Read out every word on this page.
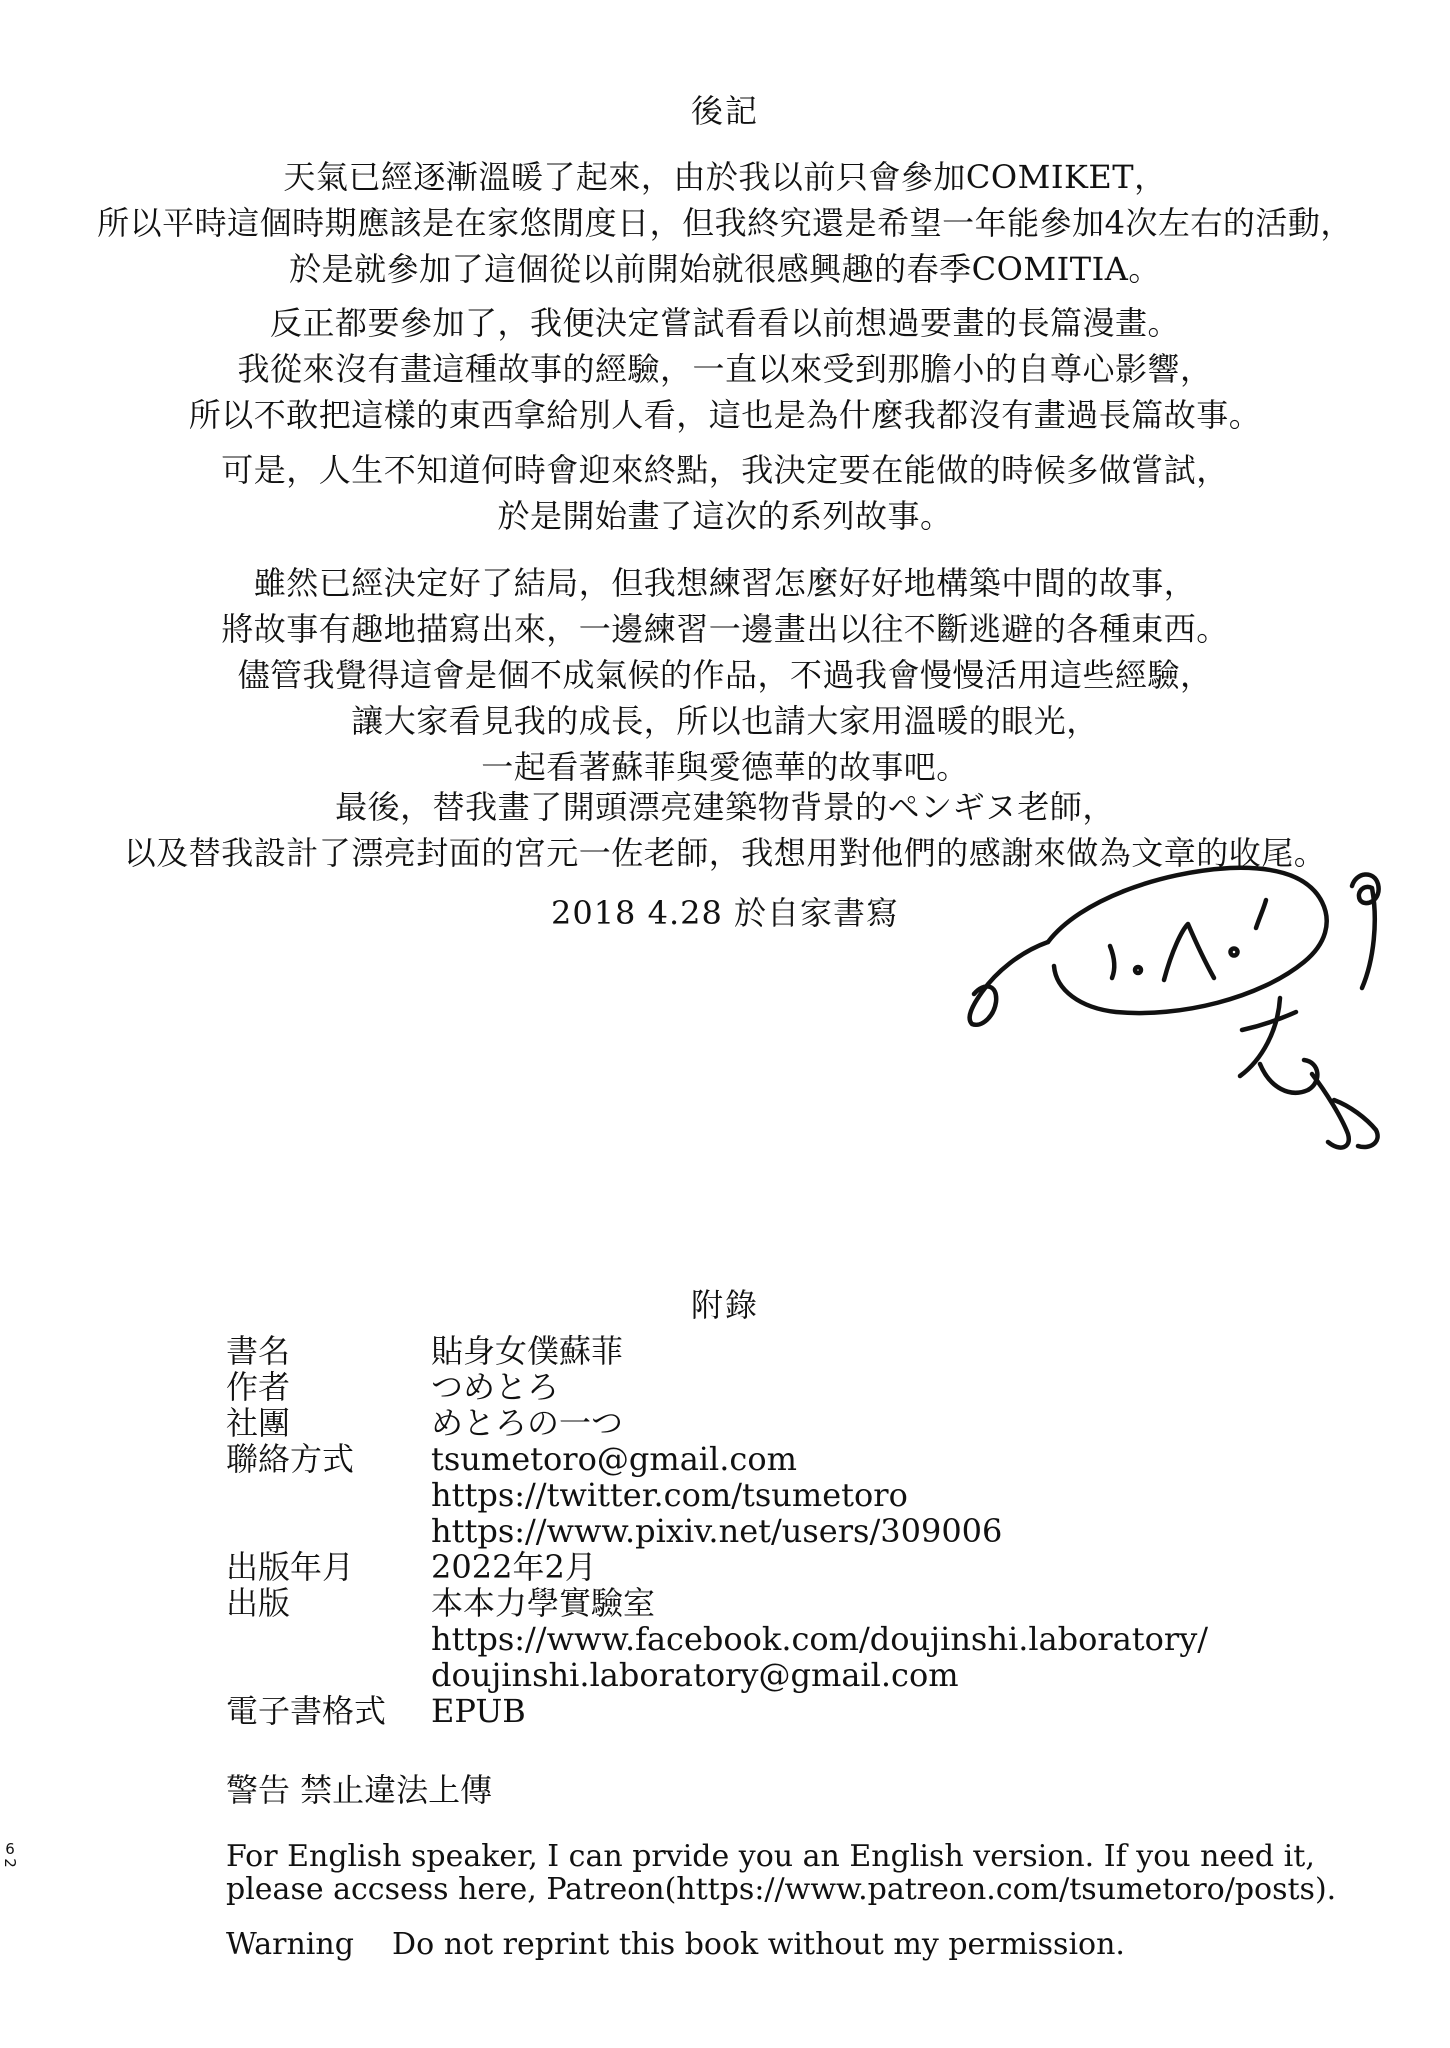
後記
天氣已經逐漸溫暖了起來，由於我以前只會參加COMIKET，
所以平時這個時期應該是在家悠閒度日，但我終究還是希望一年能參加4次左右的活動，
於是就參加了這個從以前開始就很感興趣的春季COMITIA。
反正都要參加了，我便決定嘗試看看以前想過要畫的長篇漫畫。
我從來沒有畫這種故事的經驗，一直以來受到那膽小的自尊心影響，
所以不敢把這樣的東西拿給別人看，這也是為什麼我都沒有畫過長篇故事。
可是，人生不知道何時會迎來終點，我決定要在能做的時候多做嘗試，
於是開始畫了這次的系列故事。
雖然已經決定好了結局，但我想練習怎麼好好地構築中間的故事，
將故事有趣地描寫出來，一邊練習一邊畫出以往不斷逃避的各種東西。
儘管我覺得這會是個不成氣候的作品，不過我會慢慢活用這些經驗，
讓大家看見我的成長，所以也請大家用溫暖的眼光，
一起看著蘇菲與愛德華的故事吧。
最後，替我畫了開頭漂亮建築物背景的ペンギヌ老師，
以及替我設計了漂亮封面的宮元一佐老師，我想用對他們的感謝來做為文章的收尾。
2018 4.28 於自家書寫
附錄
書名	貼身女僕蘇菲
作者	つめとろ
社團	めとろの一つ
聯絡方式	tsumetoro@gmail.com
https://twitter.com/tsumetoro
https://www.pixiv.net/users/309006
出版年月	2022年2月
出版	本本力學實驗室
https://www.facebook.com/doujinshi.laboratory/
doujinshi.laboratory@gmail.com
電子書格式	EPUB
警告 禁止違法上傳
For English speaker, I can prvide you an English version. If you need it,
please accsess here, Patreon(https://www.patreon.com/tsumetoro/posts).
Warning    Do not reprint this book without my permission.
6
2
